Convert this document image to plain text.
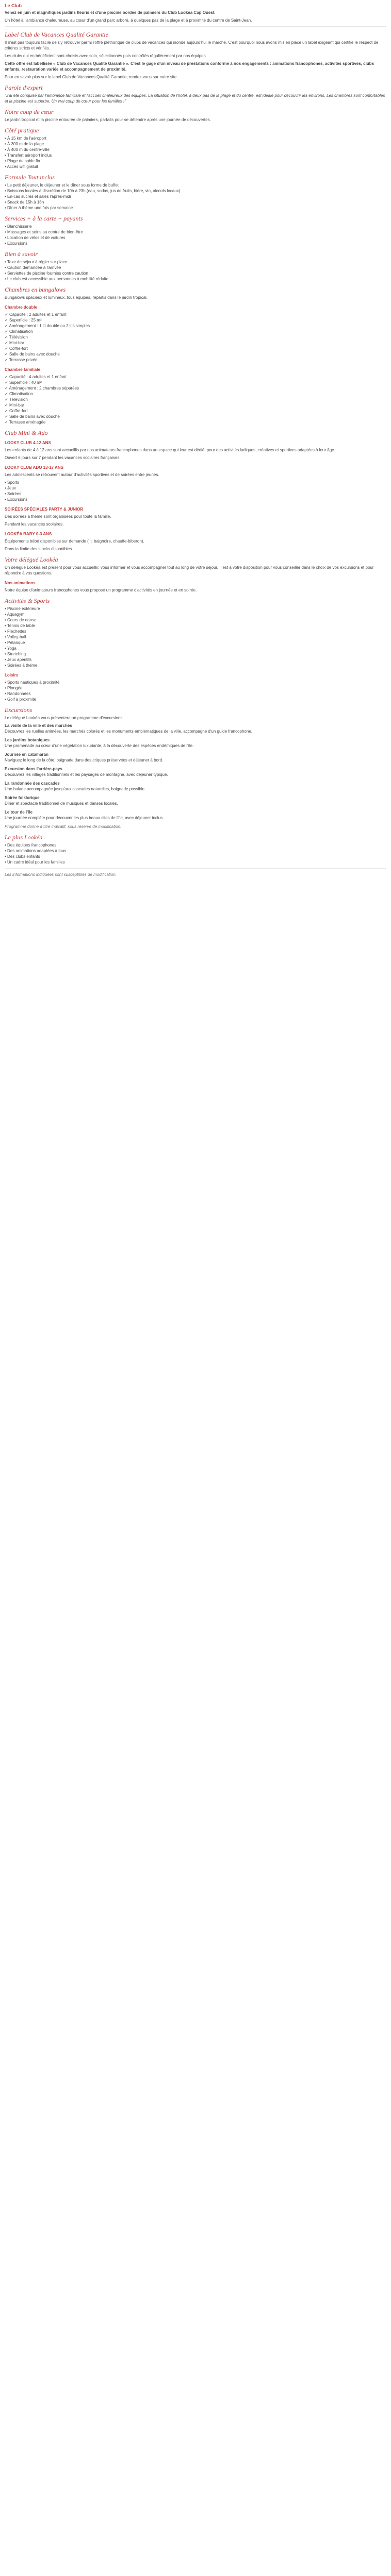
Le Club

Venez en juin et magnifiques jardins fleuris et d'une piscine bordée de palmiers du Club Lookéa Cap Ouest.

Un hôtel à l'ambiance chaleureuse, au cœur d'un grand parc arboré, à quelques pas de la plage et à proximité du centre de Saint-Jean.

Label Club de Vacances Qualité Garantie

Il n'est pas toujours facile de s'y retrouver parmi l'offre pléthorique de clubs de vacances qui inonde aujourd'hui le marché. C'est pourquoi nous avons mis en place un label exigeant qui certifie le respect de critères stricts et vérifiés.

Les clubs qui en bénéficient sont choisis avec soin, sélectionnés puis contrôlés régulièrement par nos équipes.

Cette offre est labellisée « Club de Vacances Qualité Garantie ». C'est le gage d'un niveau de prestations conforme à nos engagements : animations francophones, activités sportives, clubs enfants, restauration variée et accompagnement de proximité.

Pour en savoir plus sur le label Club de Vacances Qualité Garantie, rendez-vous sur notre site.

Parole d'expert

"J'ai été conquise par l'ambiance familiale et l'accueil chaleureux des équipes. La situation de l'hôtel, à deux pas de la plage et du centre, est idéale pour découvrir les environs. Les chambres sont confortables et la piscine est superbe. Un vrai coup de cœur pour les familles !"

Notre coup de cœur

Le jardin tropical et la piscine entourée de palmiers, parfaits pour se détendre après une journée de découvertes.

Côté pratique
• À 15 km de l'aéroport
• À 300 m de la plage
• À 400 m du centre-ville
• Transfert aéroport inclus
• Plage de sable fin
• Accès wifi gratuit
Formule Tout inclus
• Le petit déjeuner, le déjeuner et le dîner sous forme de buffet
• Boissons locales à discrétion de 10h à 23h (eau, sodas, jus de fruits, bière, vin, alcools locaux)
• En-cas sucrés et salés l'après-midi
• Snack de 15h à 18h
• Dîner à thème une fois par semaine
Services + à la carte + payants
• Blanchisserie
• Massages et soins au centre de bien-être
• Location de vélos et de voitures
• Excursions
Bien à savoir
• Taxe de séjour à régler sur place
• Caution demandée à l'arrivée
• Serviettes de piscine fournies contre caution
• Le club est accessible aux personnes à mobilité réduite
Chambres en bungalows

Bungalows spacieux et lumineux, tous équipés, répartis dans le jardin tropical.

Chambre double
✓ Capacité : 2 adultes et 1 enfant
✓ Superficie : 25 m²
✓ Aménagement : 1 lit double ou 2 lits simples
✓ Climatisation
✓ Télévision
✓ Mini-bar
✓ Coffre-fort
✓ Salle de bains avec douche
✓ Terrasse privée
Chambre familiale
✓ Capacité : 4 adultes et 1 enfant
✓ Superficie : 40 m²
✓ Aménagement : 2 chambres séparées
✓ Climatisation
✓ Télévision
✓ Mini-bar
✓ Coffre-fort
✓ Salle de bains avec douche
✓ Terrasse aménagée
Club Mini & Ado
LOOKY CLUB 4-12 ANS

Les enfants de 4 à 12 ans sont accueillis par nos animateurs francophones dans un espace qui leur est dédié, pour des activités ludiques, créatives et sportives adaptées à leur âge.

Ouvert 6 jours sur 7 pendant les vacances scolaires françaises.

LOOKY CLUB ADO 13-17 ANS

Les adolescents se retrouvent autour d'activités sportives et de soirées entre jeunes.

• Sports
• Jeux
• Soirées
• Excursions
SOIRÉES SPÉCIALES PARTY & JUNIOR

Des soirées à thème sont organisées pour toute la famille.

Pendant les vacances scolaires.

LOOKÉA BABY 0-3 ANS

Équipements bébé disponibles sur demande (lit, baignoire, chauffe-biberon).

Dans la limite des stocks disponibles.

Votre délégué Lookéa

Un délégué Lookéa est présent pour vous accueillir, vous informer et vous accompagner tout au long de votre séjour. Il est à votre disposition pour vous conseiller dans le choix de vos excursions et pour répondre à vos questions.

Nos animations

Notre équipe d'animateurs francophones vous propose un programme d'activités en journée et en soirée.

Activités & Sports
• Piscine extérieure
• Aquagym
• Cours de danse
• Tennis de table
• Fléchettes
• Volley-ball
• Pétanque
• Yoga
• Stretching
• Jeux apéritifs
• Soirées à thème
Loisirs
• Sports nautiques à proximité
• Plongée
• Randonnées
• Golf à proximité
Excursions

Le délégué Lookéa vous présentera un programme d'excursions.

La visite de la ville et des marchés

Découvrez les ruelles animées, les marchés colorés et les monuments emblématiques de la ville, accompagné d'un guide francophone.

Les jardins botaniques

Une promenade au cœur d'une végétation luxuriante, à la découverte des espèces endémiques de l'île.

Journée en catamaran

Naviguez le long de la côte, baignade dans des criques préservées et déjeuner à bord.

Excursion dans l'arrière-pays

Découvrez les villages traditionnels et les paysages de montagne, avec déjeuner typique.

La randonnée des cascades

Une balade accompagnée jusqu'aux cascades naturelles, baignade possible.

Soirée folklorique

Dîner et spectacle traditionnel de musiques et danses locales.

Le tour de l'île

Une journée complète pour découvrir les plus beaux sites de l'île, avec déjeuner inclus.

Programme donné à titre indicatif, sous réserve de modification.

Le plus Lookéa
• Des équipes francophones
• Des animations adaptées à tous
• Des clubs enfants
• Un cadre idéal pour les familles

Les informations indiquées sont susceptibles de modification.
